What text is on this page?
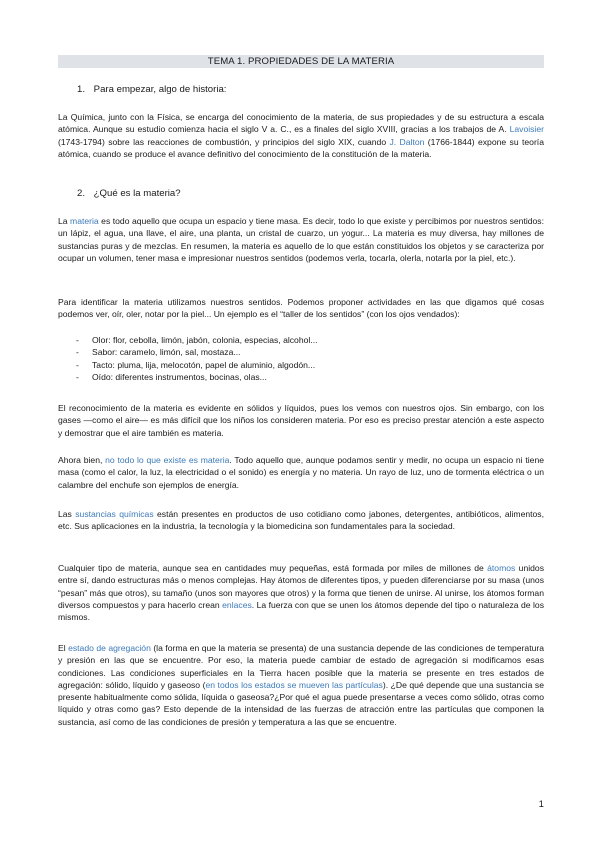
TEMA 1. PROPIEDADES DE LA MATERIA
1. Para empezar, algo de historia:

La Química, junto con la Física, se encarga del conocimiento de la materia, de sus propiedades y de su estructura a escala atómica. Aunque su estudio comienza hacia el siglo V a. C., es a finales del siglo XVIII, gracias a los trabajos de A. Lavoisier (1743-1794) sobre las reacciones de combustión, y principios del siglo XIX, cuando J. Dalton (1766-1844) expone su teoría atómica, cuando se produce el avance definitivo del conocimiento de la constitución de la materia.

2. ¿Qué es la materia?

La materia es todo aquello que ocupa un espacio y tiene masa. Es decir, todo lo que existe y percibimos por nuestros sentidos: un lápiz, el agua, una llave, el aire, una planta, un cristal de cuarzo, un yogur... La materia es muy diversa, hay millones de sustancias puras y de mezclas. En resumen, la materia es aquello de lo que están constituidos los objetos y se caracteriza por ocupar un volumen, tener masa e impresionar nuestros sentidos (podemos verla, tocarla, olerla, notarla por la piel, etc.).

Para identificar la materia utilizamos nuestros sentidos. Podemos proponer actividades en las que digamos qué cosas podemos ver, oír, oler, notar por la piel... Un ejemplo es el “taller de los sentidos” (con los ojos vendados):

- Olor: flor, cebolla, limón, jabón, colonia, especias, alcohol...
- Sabor: caramelo, limón, sal, mostaza...
- Tacto: pluma, lija, melocotón, papel de aluminio, algodón...
- Oído: diferentes instrumentos, bocinas, olas...

El reconocimiento de la materia es evidente en sólidos y líquidos, pues los vemos con nuestros ojos. Sin embargo, con los gases —como el aire— es más difícil que los niños los consideren materia. Por eso es preciso prestar atención a este aspecto y demostrar que el aire también es materia.

Ahora bien, no todo lo que existe es materia. Todo aquello que, aunque podamos sentir y medir, no ocupa un espacio ni tiene masa (como el calor, la luz, la electricidad o el sonido) es energía y no materia. Un rayo de luz, uno de tormenta eléctrica o un calambre del enchufe son ejemplos de energía.

Las sustancias químicas están presentes en productos de uso cotidiano como jabones, detergentes, antibióticos, alimentos, etc. Sus aplicaciones en la industria, la tecnología y la biomedicina son fundamentales para la sociedad.

Cualquier tipo de materia, aunque sea en cantidades muy pequeñas, está formada por miles de millones de átomos unidos entre sí, dando estructuras más o menos complejas. Hay átomos de diferentes tipos, y pueden diferenciarse por su masa (unos “pesan” más que otros), su tamaño (unos son mayores que otros) y la forma que tienen de unirse. Al unirse, los átomos forman diversos compuestos y para hacerlo crean enlaces. La fuerza con que se unen los átomos depende del tipo o naturaleza de los mismos.

El estado de agregación (la forma en que la materia se presenta) de una sustancia depende de las condiciones de temperatura y presión en las que se encuentre. Por eso, la materia puede cambiar de estado de agregación si modificamos esas condiciones. Las condiciones superficiales en la Tierra hacen posible que la materia se presente en tres estados de agregación: sólido, líquido y gaseoso (en todos los estados se mueven las partículas). ¿De qué depende que una sustancia se presente habitualmente como sólida, líquida o gaseosa?¿Por qué el agua puede presentarse a veces como sólido, otras como líquido y otras como gas? Esto depende de la intensidad de las fuerzas de atracción entre las partículas que componen la sustancia, así como de las condiciones de presión y temperatura a las que se encuentre.

1
